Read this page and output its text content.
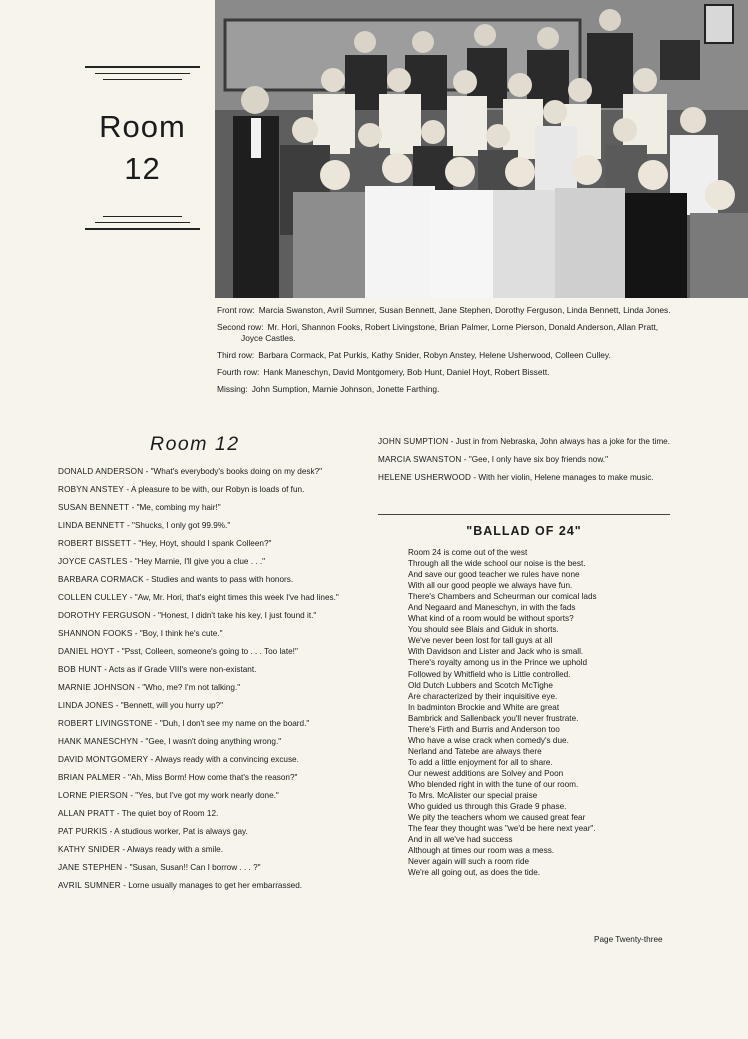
Room
12
Front row: Marcia Swanston, Avril Sumner, Susan Bennett, Jane Stephen, Dorothy Ferguson, Linda Bennett, Linda Jones.
Second row: Mr. Hori, Shannon Fooks, Robert Livingstone, Brian Palmer, Lorne Pierson, Donald Anderson, Allan Pratt, Joyce Castles.
Third row: Barbara Cormack, Pat Purkis, Kathy Snider, Robyn Anstey, Helene Usherwood, Colleen Culley.
Fourth row: Hank Maneschyn, David Montgomery, Bob Hunt, Daniel Hoyt, Robert Bissett.
Missing: John Sumption, Marnie Johnson, Jonette Farthing.
Room 12
DONALD ANDERSON - "What's everybody's books doing on my desk?"
ROBYN ANSTEY - A pleasure to be with, our Robyn is loads of fun.
SUSAN BENNETT - "Me, combing my hair!"
LINDA BENNETT - "Shucks, I only got 99.9%."
ROBERT BISSETT - "Hey, Hoyt, should I spank Colleen?"
JOYCE CASTLES - "Hey Marnie, I'll give you a clue . . ."
BARBARA CORMACK - Studies and wants to pass with honors.
COLLEN CULLEY - "Aw, Mr. Hori, that's eight times this week I've had lines."
DOROTHY FERGUSON - "Honest, I didn't take his key, I just found it."
SHANNON FOOKS - "Boy, I think he's cute."
DANIEL HOYT - "Psst, Colleen, someone's going to . . . Too late!"
BOB HUNT - Acts as if Grade VIII's were non-existant.
MARNIE JOHNSON - "Who, me? I'm not talking."
LINDA JONES - "Bennett, will you hurry up?"
ROBERT LIVINGSTONE - "Duh, I don't see my name on the board."
HANK MANESCHYN - "Gee, I wasn't doing anything wrong."
DAVID MONTGOMERY - Always ready with a convincing excuse.
BRIAN PALMER - "Ah, Miss Borm! How come that's the reason?"
LORNE PIERSON - "Yes, but I've got my work nearly done."
ALLAN PRATT - The quiet boy of Room 12.
PAT PURKIS - A studious worker, Pat is always gay.
KATHY SNIDER - Always ready with a smile.
JANE STEPHEN - "Susan, Susan!! Can I borrow . . . ?"
AVRIL SUMNER - Lorne usually manages to get her embarrassed.
JOHN SUMPTION - Just in from Nebraska, John always has a joke for the time.
MARCIA SWANSTON - "Gee, I only have six boy friends now."
HELENE USHERWOOD - With her violin, Helene manages to make music.
"BALLAD OF 24"
Room 24 is come out of the west
Through all the wide school our noise is the best.
And save our good teacher we rules have none
With all our good people we always have fun.
There's Chambers and Scheurman our comical lads
And Negaard and Maneschyn, in with the fads
What kind of a room would be without sports?
You should see Blais and Giduk in shorts.
We've never been lost for tall guys at all
With Davidson and Lister and Jack who is small.
There's royalty among us in the Prince we uphold
Followed by Whitfield who is Little controlled.
Old Dutch Lubbers and Scotch McTighe
Are characterized by their inquisitive eye.
In badminton Brockie and White are great
Bambrick and Sallenback you'll never frustrate.
There's Firth and Burris and Anderson too
Who have a wise crack when comedy's due.
Nerland and Tatebe are always there
To add a little enjoyment for all to share.
Our newest additions are Solvey and Poon
Who blended right in with the tune of our room.
To Mrs. McAlister our special praise
Who guided us through this Grade 9 phase.
We pity the teachers whom we caused great fear
The fear they thought was "we'd be here next year".
And in all we've had success
Although at times our room was a mess.
Never again will such a room ride
We're all going out, as does the tide.
Page Twenty-three
